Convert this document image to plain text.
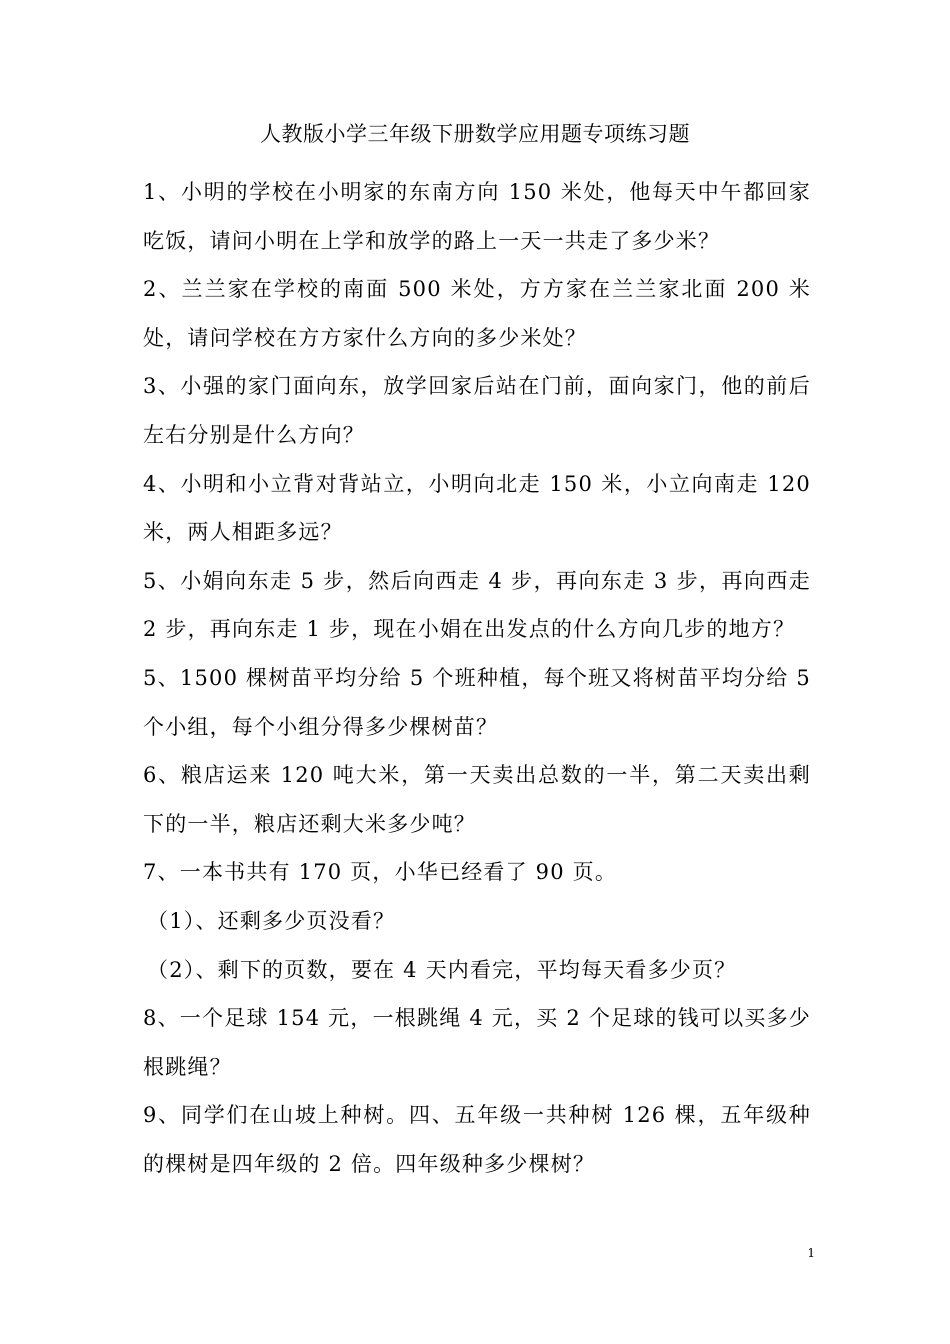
人教版小学三年级下册数学应用题专项练习题

1、小明的学校在小明家的东南方向 150 米处，他每天中午都回家吃饭，请问小明在上学和放学的路上一天一共走了多少米？

2、兰兰家在学校的南面 500 米处，方方家在兰兰家北面 200 米处，请问学校在方方家什么方向的多少米处？

3、小强的家门面向东，放学回家后站在门前，面向家门，他的前后左右分别是什么方向？

4、小明和小立背对背站立，小明向北走 150 米，小立向南走 120 米，两人相距多远？

5、小娟向东走 5 步，然后向西走 4 步，再向东走 3 步，再向西走 2 步，再向东走 1 步，现在小娟在出发点的什么方向几步的地方？

5、1500 棵树苗平均分给 5 个班种植，每个班又将树苗平均分给 5 个小组，每个小组分得多少棵树苗？

6、粮店运来 120 吨大米，第一天卖出总数的一半，第二天卖出剩下的一半，粮店还剩大米多少吨？

7、一本书共有 170 页，小华已经看了 90 页。

（1）、还剩多少页没看？

（2）、剩下的页数，要在 4 天内看完，平均每天看多少页？

8、一个足球 154 元，一根跳绳 4 元，买 2 个足球的钱可以买多少根跳绳？

9、同学们在山坡上种树。四、五年级一共种树 126 棵，五年级种的棵树是四年级的 2 倍。四年级种多少棵树？

1
